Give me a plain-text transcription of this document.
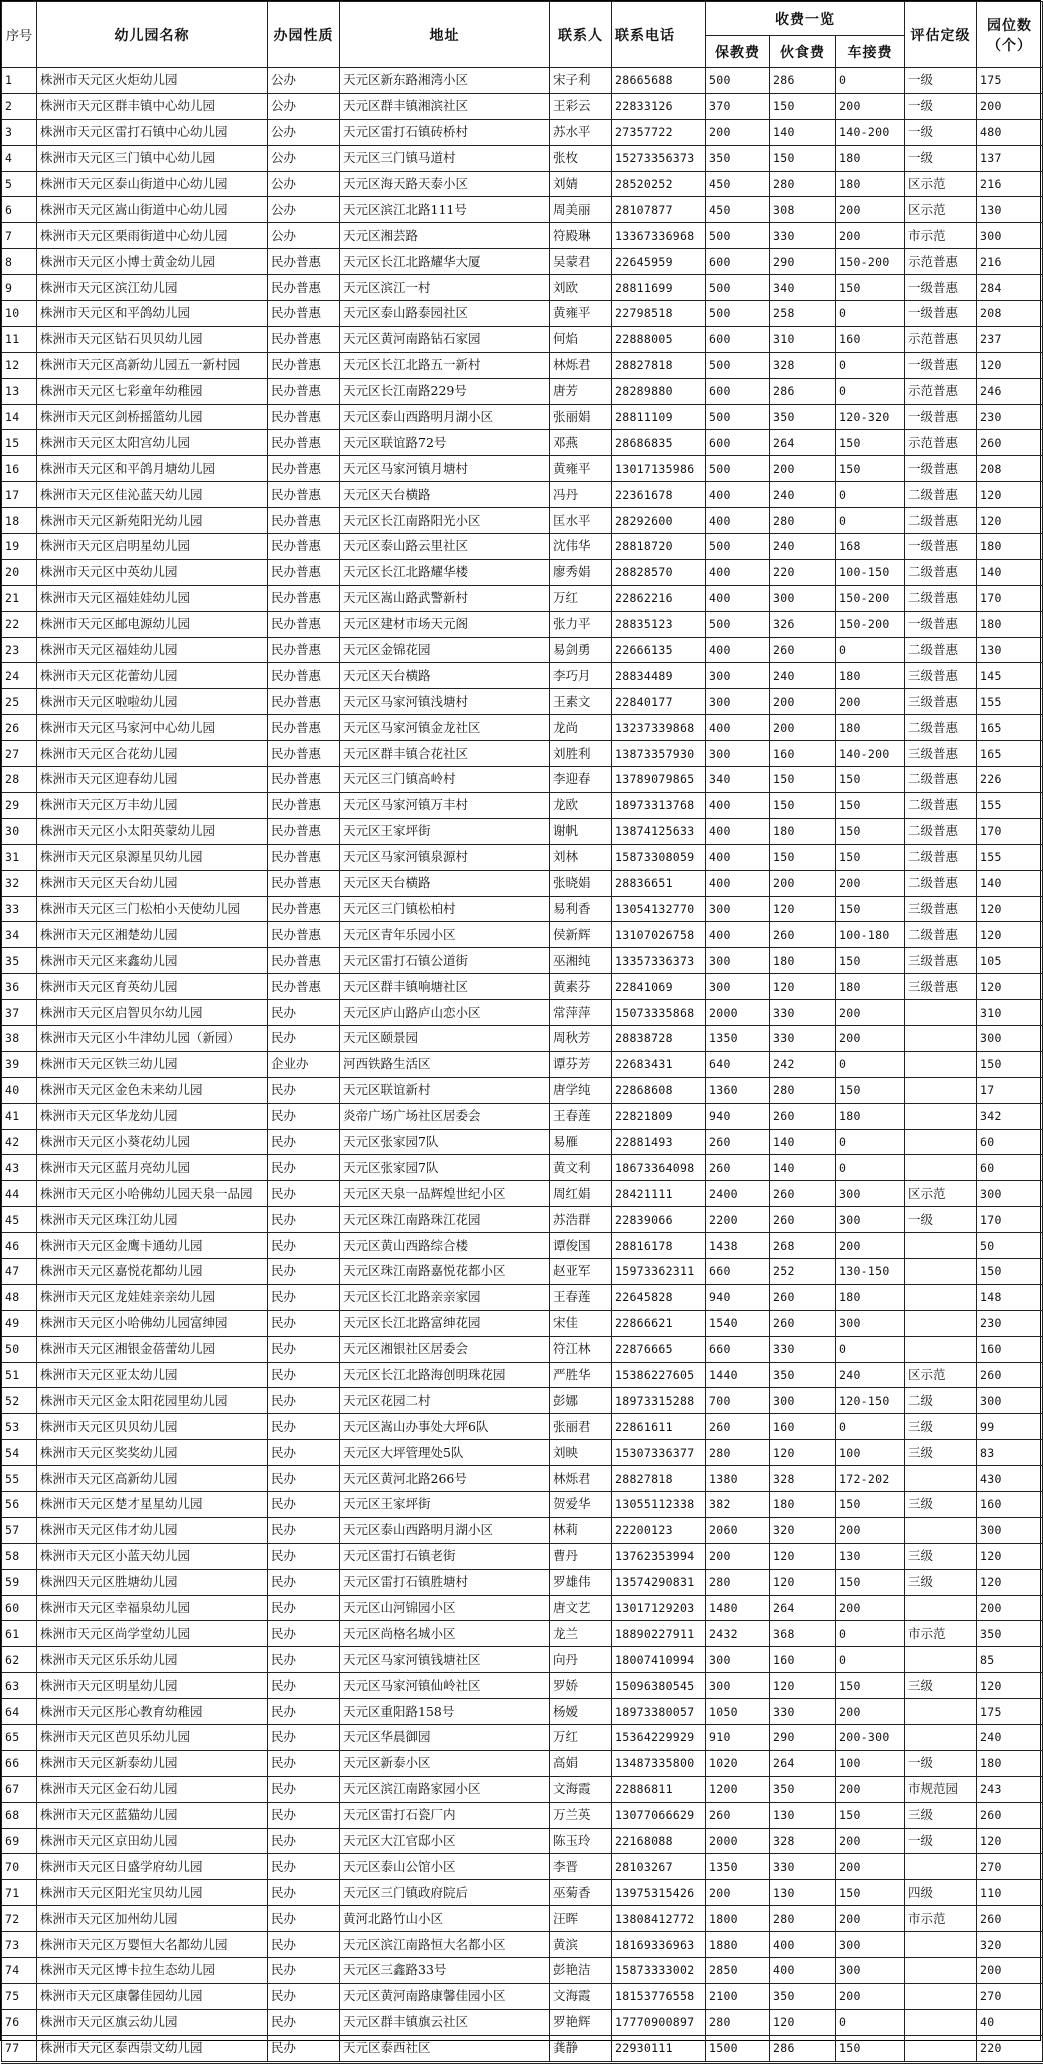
序号	幼儿园名称	办园性质	地址	联系人	联系电话	收费一览			评估定级	园位数
（个）

						保教费	伙食费	车接费		
1	株洲市天元区火炬幼儿园	公办	天元区新东路湘湾小区	宋子利	28665688	500	286	0	一级	175
2	株洲市天元区群丰镇中心幼儿园	公办	天元区群丰镇湘滨社区	王彩云	22833126	370	150	200	一级	200
3	株洲市天元区雷打石镇中心幼儿园	公办	天元区雷打石镇砖桥村	苏水平	27357722	200	140	140-200	一级	480
4	株洲市天元区三门镇中心幼儿园	公办	天元区三门镇马道村	张枚	15273356373	350	150	180	一级	137
5	株洲市天元区泰山街道中心幼儿园	公办	天元区海天路天泰小区	刘婧	28520252	450	280	180	区示范	216
6	株洲市天元区嵩山街道中心幼儿园	公办	天元区滨江北路111号	周美丽	28107877	450	308	200	区示范	130
7	株洲市天元区栗雨街道中心幼儿园	公办	天元区湘芸路	符殿琳	13367336968	500	330	200	市示范	300
8	株洲市天元区小博士黄金幼儿园	民办普惠	天元区长江北路耀华大厦	吴蒙君	22645959	600	290	150-200	示范普惠	216
9	株洲市天元区滨江幼儿园	民办普惠	天元区滨江一村	刘欧	28811699	500	340	150	一级普惠	284
10	株洲市天元区和平鸽幼儿园	民办普惠	天元区泰山路泰园社区	黄雍平	22798518	500	258	0	一级普惠	208
11	株洲市天元区钻石贝贝幼儿园	民办普惠	天元区黄河南路钻石家园	何焰	22888005	600	310	160	示范普惠	237
12	株洲市天元区高新幼儿园五一新村园	民办普惠	天元区长江北路五一新村	林烁君	28827818	500	328	0	一级普惠	120
13	株洲市天元区七彩童年幼稚园	民办普惠	天元区长江南路229号	唐芳	28289880	600	286	0	示范普惠	246
14	株洲市天元区剑桥摇篮幼儿园	民办普惠	天元区泰山西路明月湖小区	张丽娟	28811109	500	350	120-320	一级普惠	230
15	株洲市天元区太阳宫幼儿园	民办普惠	天元区联谊路72号	邓燕	28686835	600	264	150	示范普惠	260
16	株洲市天元区和平鸽月塘幼儿园	民办普惠	天元区马家河镇月塘村	黄雍平	13017135986	500	200	150	一级普惠	208
17	株洲市天元区佳沁蓝天幼儿园	民办普惠	天元区天台横路	冯丹	22361678	400	240	0	二级普惠	120
18	株洲市天元区新苑阳光幼儿园	民办普惠	天元区长江南路阳光小区	匡水平	28292600	400	280	0	二级普惠	120
19	株洲市天元区启明星幼儿园	民办普惠	天元区泰山路云里社区	沈伟华	28818720	500	240	168	一级普惠	180
20	株洲市天元区中英幼儿园	民办普惠	天元区长江北路耀华楼	廖秀娟	28828570	400	220	100-150	二级普惠	140
21	株洲市天元区福娃娃幼儿园	民办普惠	天元区嵩山路武警新村	万红	22862216	400	300	150-200	二级普惠	170
22	株洲市天元区邮电源幼儿园	民办普惠	天元区建材市场天元阁	张力平	28835123	500	326	150-200	一级普惠	180
23	株洲市天元区福娃幼儿园	民办普惠	天元区金锦花园	易剑勇	22666135	400	260	0	二级普惠	130
24	株洲市天元区花蕾幼儿园	民办普惠	天元区天台横路	李巧月	28834489	300	240	180	三级普惠	145
25	株洲市天元区啦啦幼儿园	民办普惠	天元区马家河镇浅塘村	王素文	22840177	300	200	200	三级普惠	155
26	株洲市天元区马家河中心幼儿园	民办普惠	天元区马家河镇金龙社区	龙尚	13237339868	400	200	180	二级普惠	165
27	株洲市天元区合花幼儿园	民办普惠	天元区群丰镇合花社区	刘胜利	13873357930	300	160	140-200	三级普惠	165
28	株洲市天元区迎春幼儿园	民办普惠	天元区三门镇高岭村	李迎春	13789079865	340	150	150	二级普惠	226
29	株洲市天元区万丰幼儿园	民办普惠	天元区马家河镇万丰村	龙欧	18973313768	400	150	150	二级普惠	155
30	株洲市天元区小太阳英蒙幼儿园	民办普惠	天元区王家坪街	谢帆	13874125633	400	180	150	二级普惠	170
31	株洲市天元区泉源星贝幼儿园	民办普惠	天元区马家河镇泉源村	刘林	15873308059	400	150	150	二级普惠	155
32	株洲市天元区天台幼儿园	民办普惠	天元区天台横路	张晓娟	28836651	400	200	200	二级普惠	140
33	株洲市天元区三门松柏小天使幼儿园	民办普惠	天元区三门镇松柏村	易利香	13054132770	300	120	150	三级普惠	120
34	株洲市天元区湘楚幼儿园	民办普惠	天元区青年乐园小区	侯新辉	13107026758	400	260	100-180	二级普惠	120
35	株洲市天元区来鑫幼儿园	民办普惠	天元区雷打石镇公道街	巫湘纯	13357336373	300	180	150	三级普惠	105
36	株洲市天元区育英幼儿园	民办普惠	天元区群丰镇响塘社区	黄素芬	22841069	300	120	180	三级普惠	120
37	株洲市天元区启智贝尔幼儿园	民办	天元区庐山路庐山恋小区	常萍萍	15073335868	2000	330	200		310
38	株洲市天元区小牛津幼儿园（新园）	民办	天元区颐景园	周秋芳	28838728	1350	330	200		300
39	株洲市天元区铁三幼儿园	企业办	河西铁路生活区	谭芬芳	22683431	640	242	0		150
40	株洲市天元区金色未来幼儿园	民办	天元区联谊新村	唐学纯	22868608	1360	280	150		17
41	株洲市天元区华龙幼儿园	民办	炎帝广场广场社区居委会	王春莲	22821809	940	260	180		342
42	株洲市天元区小葵花幼儿园	民办	天元区张家园7队	易雁	22881493	260	140	0		60
43	株洲市天元区蓝月亮幼儿园	民办	天元区张家园7队	黄文利	18673364098	260	140	0		60
44	株洲市天元区小哈佛幼儿园天泉一品园	民办	天元区天泉一品辉煌世纪小区	周红娟	28421111	2400	260	300	区示范	300
45	株洲市天元区珠江幼儿园	民办	天元区珠江南路珠江花园	苏浩群	22839066	2200	260	300	一级	170
46	株洲市天元区金鹰卡通幼儿园	民办	天元区黄山西路综合楼	谭俊国	28816178	1438	268	200		50
47	株洲市天元区嘉悦花都幼儿园	民办	天元区珠江南路嘉悦花都小区	赵亚军	15973362311	660	252	130-150		150
48	株洲市天元区龙娃娃亲亲幼儿园	民办	天元区长江北路亲亲家园	王春莲	22645828	940	260	180		148
49	株洲市天元区小哈佛幼儿园富绅园	民办	天元区长江北路富绅花园	宋佳	22866621	1540	260	300		230
50	株洲市天元区湘银金蓓蕾幼儿园	民办	天元区湘银社区居委会	符江林	22876665	660	330	0		160
51	株洲市天元区亚太幼儿园	民办	天元区长江北路海创明珠花园	严胜华	15386227605	1440	350	240	区示范	260
52	株洲市天元区金太阳花园里幼儿园	民办	天元区花园二村	彭娜	18973315288	700	300	120-150	二级	300
53	株洲市天元区贝贝幼儿园	民办	天元区嵩山办事处大坪6队	张丽君	22861611	260	160	0	三级	99
54	株洲市天元区奖奖幼儿园	民办	天元区大坪管理处5队	刘映	15307336377	280	120	100	三级	83
55	株洲市天元区高新幼儿园	民办	天元区黄河北路266号	林烁君	28827818	1380	328	172-202		430
56	株洲市天元区楚才星星幼儿园	民办	天元区王家坪街	贺爱华	13055112338	382	180	150	三级	160
57	株洲市天元区伟才幼儿园	民办	天元区泰山西路明月湖小区	林莉	22200123	2060	320	200		300
58	株洲市天元区小蓝天幼儿园	民办	天元区雷打石镇老街	曹丹	13762353994	200	120	130	三级	120
59	株洲四天元区胜塘幼儿园	民办	天元区雷打石镇胜塘村	罗雄伟	13574290831	280	120	150	三级	120
60	株洲市天元区幸福泉幼儿园	民办	天元区山河锦园小区	唐文艺	13017129203	1480	264	200		200
61	株洲市天元区尚学堂幼儿园	民办	天元区尚格名城小区	龙兰	18890227911	2432	368	0	市示范	350
62	株洲市天元区乐乐幼儿园	民办	天元区马家河镇钱塘社区	向丹	18007410994	300	160	0		85
63	株洲市天元区明星幼儿园	民办	天元区马家河镇仙岭社区	罗娇	15096380545	300	120	150	三级	120
64	株洲市天元区彤心教育幼稚园	民办	天元区重阳路158号	杨嫒	18973380057	1050	330	200		175
65	株洲市天元区芭贝乐幼儿园	民办	天元区华晨御园	万红	15364229929	910	290	200-300		240
66	株洲市天元区新泰幼儿园	民办	天元区新泰小区	高娟	13487335800	1020	264	100	一级	180
67	株洲市天元区金石幼儿园	民办	天元区滨江南路家园小区	文海霞	22886811	1200	350	200	市规范园	243
68	株洲市天元区蓝猫幼儿园	民办	天元区雷打石瓷厂内	万兰英	13077066629	260	130	150	三级	260
69	株洲市天元区京田幼儿园	民办	天元区大江官邸小区	陈玉玲	22168088	2000	328	200	一级	120
70	株洲市天元区日盛学府幼儿园	民办	天元区泰山公馆小区	李晋	28103267	1350	330	200		270
71	株洲市天元区阳光宝贝幼儿园	民办	天元区三门镇政府院后	巫菊香	13975315426	200	130	150	四级	110
72	株洲市天元区加州幼儿园	民办	黄河北路竹山小区	汪晖	13808412772	1800	280	200	市示范	260
73	株洲市天元区万婴恒大名都幼儿园	民办	天元区滨江南路恒大名都小区	黄滨	18169336963	1880	400	300		320
74	株洲市天元区博卡拉生态幼儿园	民办	天元区三鑫路33号	彭艳洁	15873333002	2850	400	300		200
75	株洲市天元区康馨佳园幼儿园	民办	天元区黄河南路康馨佳园小区	文海霞	18153776558	2100	350	200		270
76	株洲市天元区旗云幼儿园	民办	天元区群丰镇旗云社区	罗艳辉	17770900897	280	120	0		40
77	株洲市天元区泰西崇文幼儿园	民办	天元区泰西社区	龚静	22930111	1500	286	150		220
